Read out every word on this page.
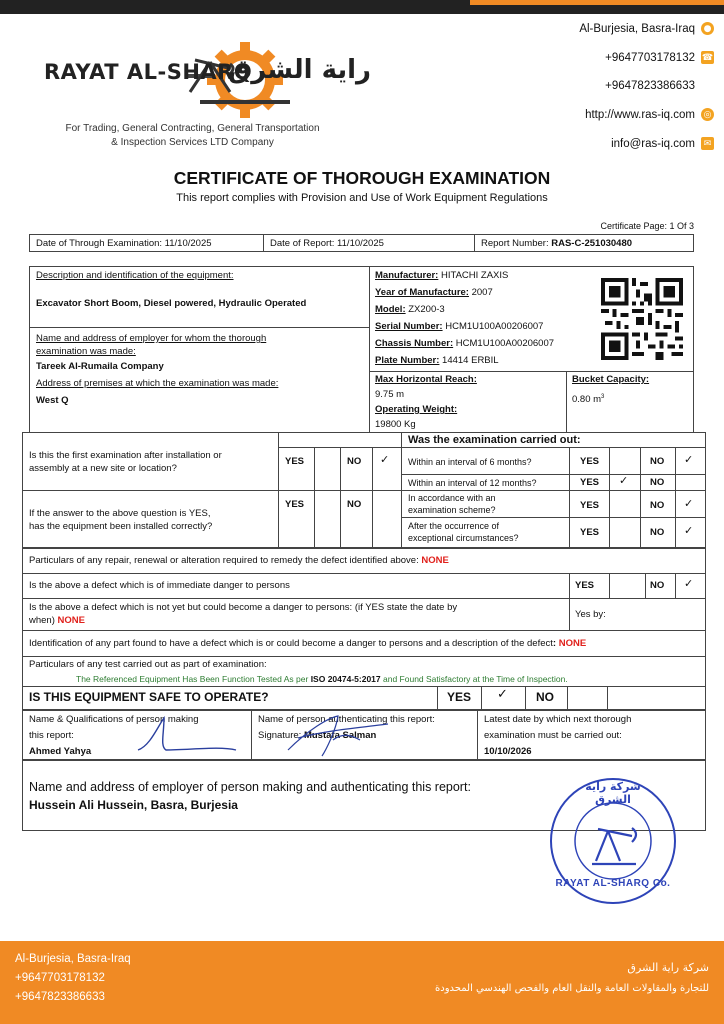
RAYAT AL-SHARQ
راية الشرق
For Trading, General Contracting, General Transportation
& Inspection Services LTD Company
Al-Burjesia, Basra-Iraq ●
+9647703178132 ☎
+9647823386633
http://www.ras-iq.com ◎
info@ras-iq.com ✉
CERTIFICATE OF THOROUGH EXAMINATION
This report complies with Provision and Use of Work Equipment Regulations
Certificate Page: 1 Of 3
Date of Through Examination: 11/10/2025	Date of Report: 11/10/2025	Report Number: RAS-C-251030480
Description and identification of the equipment:
Excavator Short Boom, Diesel powered, Hydraulic Operated
Name and address of employer for whom the thorough
examination was made:
Tareek Al-Rumaila Company
Address of premises at which the examination was made:
West Q
Manufacturer: HITACHI ZAXIS
Year of Manufacture: 2007
Model: ZX200-3
Serial Number: HCM1U100A00206007
Chassis Number: HCM1U100A00206007
Plate Number: 14414 ERBIL
Max Horizontal Reach:
9.75 m
Operating Weight:
19800 Kg
Bucket Capacity:
0.80 $m^3$
Is this the first examination after installation or
assembly at a new site or location?
YES	NO ✓
If the answer to the above question is YES,
has the equipment been installed correctly?
YES	NO
Was the examination carried out:
Within an interval of 6 months?	YES	NO ✓
Within an interval of 12 months?	YES ✓ NO
In accordance with an
examination scheme?	YES	NO ✓
After the occurrence of
exceptional circumstances?	YES	NO ✓
Particulars of any repair, renewal or alteration required to remedy the defect identified above: NONE
Is the above a defect which is of immediate danger to persons	YES	NO ✓
Is the above a defect which is not yet but could become a danger to persons: (if YES state the date by
when) NONE
Yes by:
Identification of any part found to have a defect which is or could become a danger to persons and a description of the defect: NONE
Particulars of any test carried out as part of examination:
The Referenced Equipment Has Been Function Tested As per ISO 20474-5:2017 and Found Satisfactory at the Time of Inspection.
IS THIS EQUIPMENT SAFE TO OPERATE?	YES ✓ NO
Name & Qualifications of person making
this report:
Ahmed Yahya
Name of person authenticating this report:
Signature: Mustafa Salman
Latest date by which next thorough
examination must be carried out:
10/10/2026
Name and address of employer of person making and authenticating this report:
Hussein Ali Hussein, Basra, Burjesia
شركة راية الشرق
RAYAT AL-SHARQ Co.
Al-Burjesia, Basra-Iraq
+9647703178132
+9647823386633
شركة راية الشرق
للتجارة والمقاولات العامة والنقل العام والفحص الهندسي المحدودة
